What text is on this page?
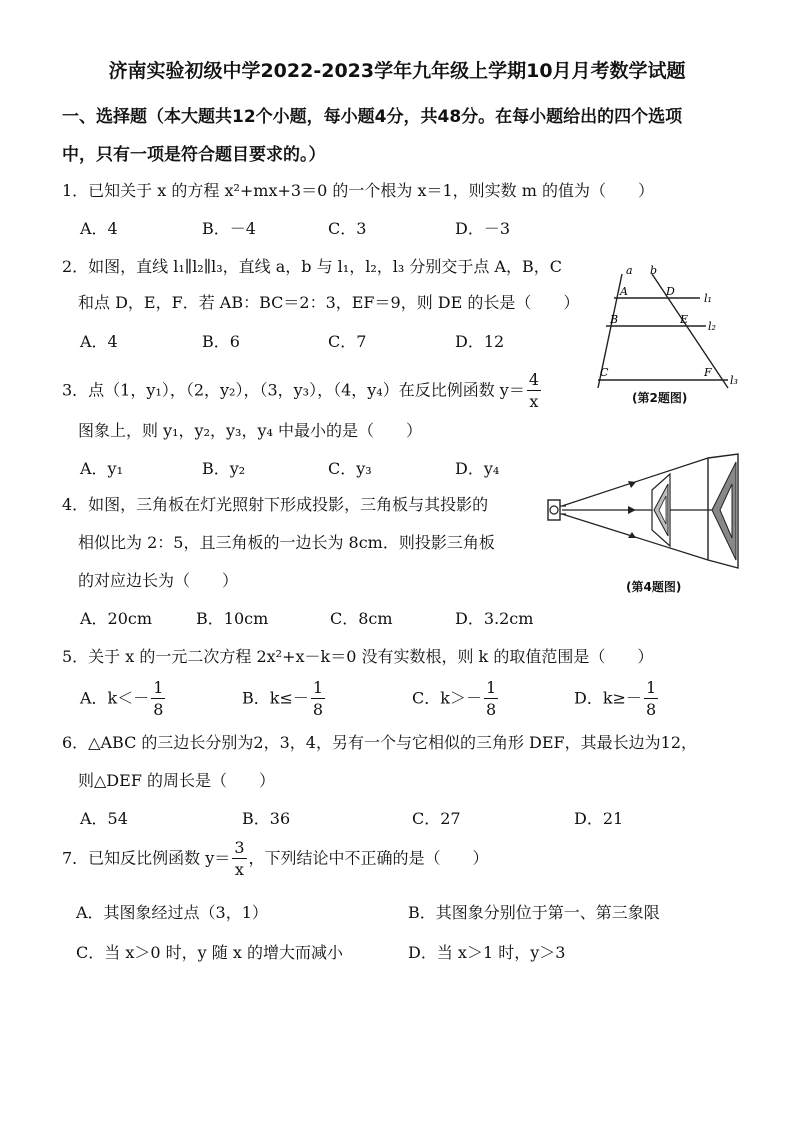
济南实验初级中学2022-2023学年九年级上学期10月月考数学试题
一、选择题（本大题共12个小题，每小题4分，共48分。在每小题给出的四个选项
中，只有一项是符合题目要求的。）
1．已知关于 x 的方程 x²+mx+3＝0 的一个根为 x＝1，则实数 m 的值为（　　）
A．4	B．－4	C．3	D．－3
2．如图，直线 l₁∥l₂∥l₃，直线 a，b 与 l₁，l₂，l₃ 分别交于点 A，B，C
和点 D，E，F．若 AB：BC＝2：3，EF＝9，则 DE 的长是（　　）
A．4	B．6	C．7	D．12
a b
A	D
B	E
C	F
l₁
l₂
l₃
(第2题图)
3．点（1，y₁），（2，y₂），（3，y₃），（4，y₄）在反比例函数 $y= \frac{4}{x}$
图象上，则 y₁，y₂，y₃，y₄ 中最小的是（　　）
A．y₁	B．y₂	C．y₃	D．y₄
4．如图，三角板在灯光照射下形成投影，三角板与其投影的
相似比为 2：5，且三角板的一边长为 8cm．则投影三角板
的对应边长为（　　）
A．20cm	B．10cm	C．8cm	D．3.2cm
(第4题图)
5．关于 x 的一元二次方程 2x²+x－k＝0 没有实数根，则 k 的取值范围是（　　）
A．$k<- \frac{1}{8}$	B．$k\le- \frac{1}{8}$	C．$k>- \frac{1}{8}$	D．$k\ge- \frac{1}{8}$
6．△ABC 的三边长分别为2，3，4，另有一个与它相似的三角形 DEF，其最长边为12，
则△DEF 的周长是（　　）
A．54	B．36	C．27	D．21
7．已知反比例函数 $y= \frac{3}{x}$ ，下列结论中不正确的是（　　）
A．其图象经过点（3，1）	B．其图象分别位于第一、第三象限
C．当 x＞0 时，y 随 x 的增大而减小	D．当 x＞1 时，y＞3
